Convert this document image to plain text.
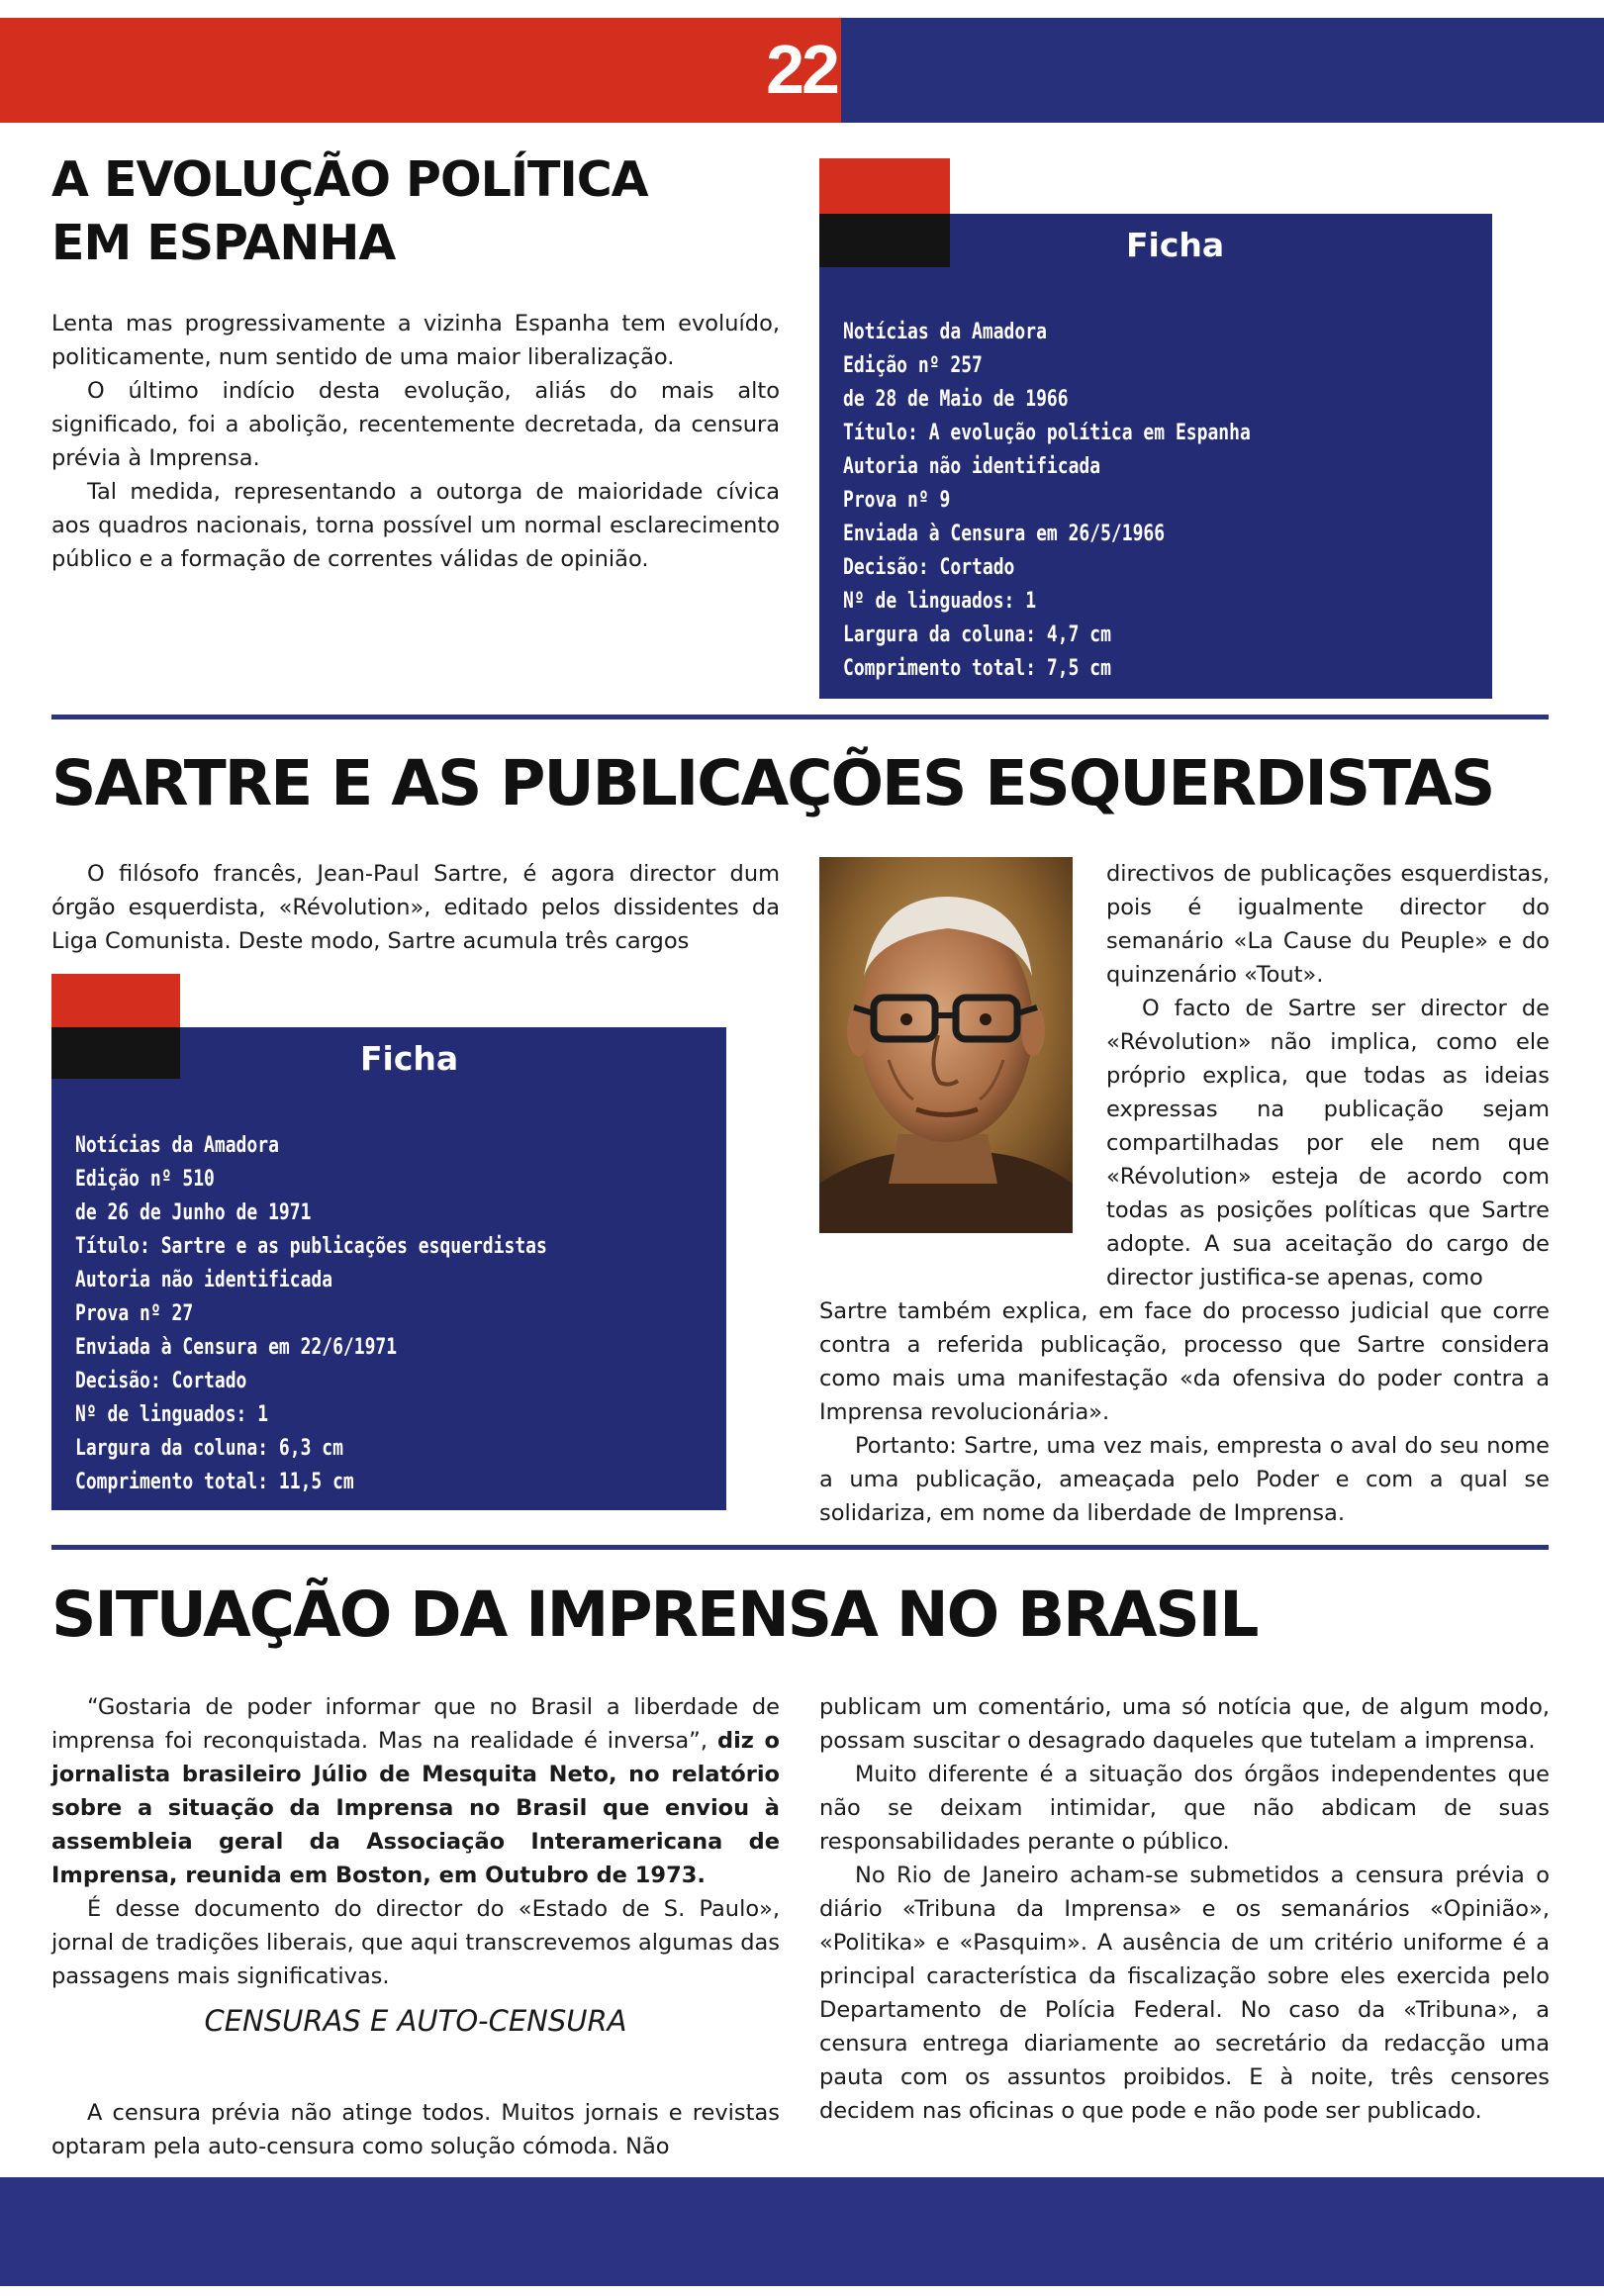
22
A EVOLUÇÃO POLÍTICA
EM ESPANHA

Lenta mas progressivamente a vizinha Espanha tem evoluído, politicamente, num sentido de uma maior liberalização.

O último indício desta evolução, aliás do mais alto significado, foi a abolição, recentemente decretada, da censura prévia à Imprensa.

Tal medida, representando a outorga de maioridade cívica aos quadros nacionais, torna possível um normal esclarecimento público e a formação de correntes válidas de opinião.

Ficha
Notícias da Amadora
Edição nº 257
de 28 de Maio de 1966
Título: A evolução política em Espanha
Autoria não identificada
Prova nº 9
Enviada à Censura em 26/5/1966
Decisão: Cortado
Nº de linguados: 1
Largura da coluna: 4,7 cm
Comprimento total: 7,5 cm
SARTRE E AS PUBLICAÇÕES ESQUERDISTAS

O filósofo francês, Jean-Paul Sartre, é agora director dum órgão esquerdista, «Révolution», editado pelos dissidentes da Liga Comunista. Deste modo, Sartre acumula três cargos

Ficha
Notícias da Amadora
Edição nº 510
de 26 de Junho de 1971
Título: Sartre e as publicações esquerdistas
Autoria não identificada
Prova nº 27
Enviada à Censura em 22/6/1971
Decisão: Cortado
Nº de linguados: 1
Largura da coluna: 6,3 cm
Comprimento total: 11,5 cm

directivos de publicações esquerdistas, pois é igualmente director do semanário «La Cause du Peuple» e do quinzenário «Tout».

O facto de Sartre ser director de «Révolution» não implica, como ele próprio explica, que todas as ideias expressas na publicação sejam compartilhadas por ele nem que «Révolution» esteja de acordo com todas as posições políticas que Sartre adopte. A sua aceitação do cargo de director justifica-se apenas, como

Sartre também explica, em face do processo judicial que corre contra a referida publicação, processo que Sartre considera como mais uma manifestação «da ofensiva do poder contra a Imprensa revolucionária».

Portanto: Sartre, uma vez mais, empresta o aval do seu nome a uma publicação, ameaçada pelo Poder e com a qual se solidariza, em nome da liberdade de Imprensa.

SITUAÇÃO DA IMPRENSA NO BRASIL

“Gostaria de poder informar que no Brasil a liberdade de imprensa foi reconquistada. Mas na realidade é inversa”, diz o jornalista brasileiro Júlio de Mesquita Neto, no relatório sobre a situação da Imprensa no Brasil que enviou à assembleia geral da Associação Interamericana de Imprensa, reunida em Boston, em Outubro de 1973.

É desse documento do director do «Estado de S. Paulo», jornal de tradições liberais, que aqui transcrevemos algumas das passagens mais significativas.

CENSURAS E AUTO-CENSURA

A censura prévia não atinge todos. Muitos jornais e revistas optaram pela auto-censura como solução cómoda. Não

publicam um comentário, uma só notícia que, de algum modo, possam suscitar o desagrado daqueles que tutelam a imprensa.

Muito diferente é a situação dos órgãos independentes que não se deixam intimidar, que não abdicam de suas responsabilidades perante o público.

No Rio de Janeiro acham-se submetidos a censura prévia o diário «Tribuna da Imprensa» e os semanários «Opinião», «Politika» e «Pasquim». A ausência de um critério uniforme é a principal característica da fiscalização sobre eles exercida pelo Departamento de Polícia Federal. No caso da «Tribuna», a censura entrega diariamente ao secretário da redacção uma pauta com os assuntos proibidos. E à noite, três censores decidem nas oficinas o que pode e não pode ser publicado.
